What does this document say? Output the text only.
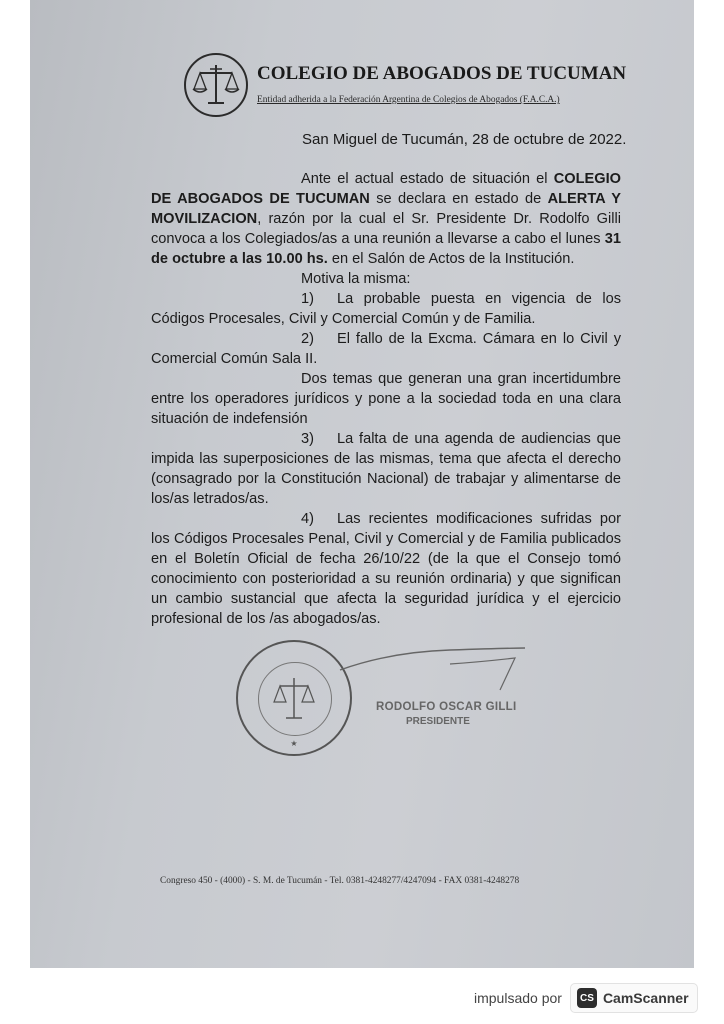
COLEGIO DE ABOGADOS DE TUCUMAN
Entidad adherida a la Federación Argentina de Colegios de Abogados (F.A.C.A.)
San Miguel de Tucumán, 28 de octubre de 2022.

Ante el actual estado de situación el COLEGIO DE ABOGADOS DE TUCUMAN se declara en estado de ALERTA Y MOVILIZACION, razón por la cual el Sr. Presidente Dr. Rodolfo Gilli convoca a los Colegiados/as a una reunión a llevarse a cabo el lunes 31 de octubre a las 10.00 hs. en el Salón de Actos de la Institución.

Motiva la misma:

1) La probable puesta en vigencia de los Códigos Procesales, Civil y Comercial Común y de Familia.

2) El fallo de la Excma. Cámara en lo Civil y Comercial Común Sala II.

Dos temas que generan una gran incertidumbre entre los operadores jurídicos y pone a la sociedad toda en una clara situación de indefensión

3) La falta de una agenda de audiencias que impida las superposiciones de las mismas, tema que afecta el derecho (consagrado por la Constitución Nacional) de trabajar y alimentarse de los/as letrados/as.

4) Las recientes modificaciones sufridas por los Códigos Procesales Penal, Civil y Comercial y de Familia publicados en el Boletín Oficial de fecha 26/10/22 (de la que el Consejo tomó conocimiento con posterioridad a su reunión ordinaria) y que significan un cambio sustancial que afecta la seguridad jurídica y el ejercicio profesional de los /as abogados/as.

★
RODOLFO OSCAR GILLI
PRESIDENTE
Congreso 450 - (4000) - S. M. de Tucumán - Tel. 0381-4248277/4247094 - FAX 0381-4248278
impulsado por	CS CamScanner
